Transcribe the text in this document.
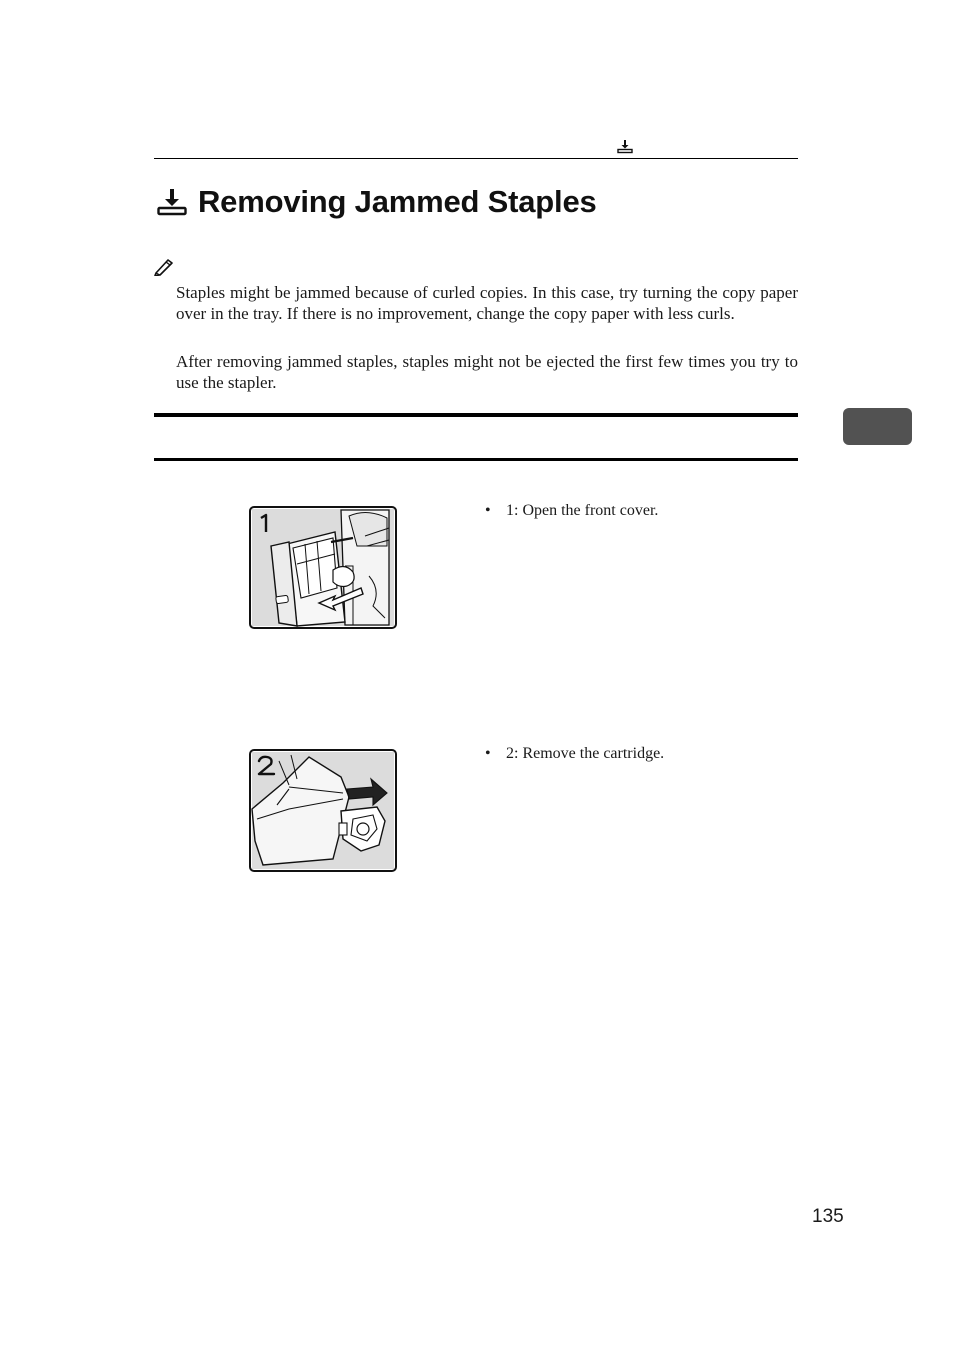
Removing Jammed Staples
Staples might be jammed because of curled copies. In this case, try turning the copy paper over in the tray. If there is no improvement, change the copy paper with less curls.
After removing jammed staples, staples might not be ejected the first few times you try to use the stapler.
• 1: Open the front cover.
• 2: Remove the cartridge.
135
